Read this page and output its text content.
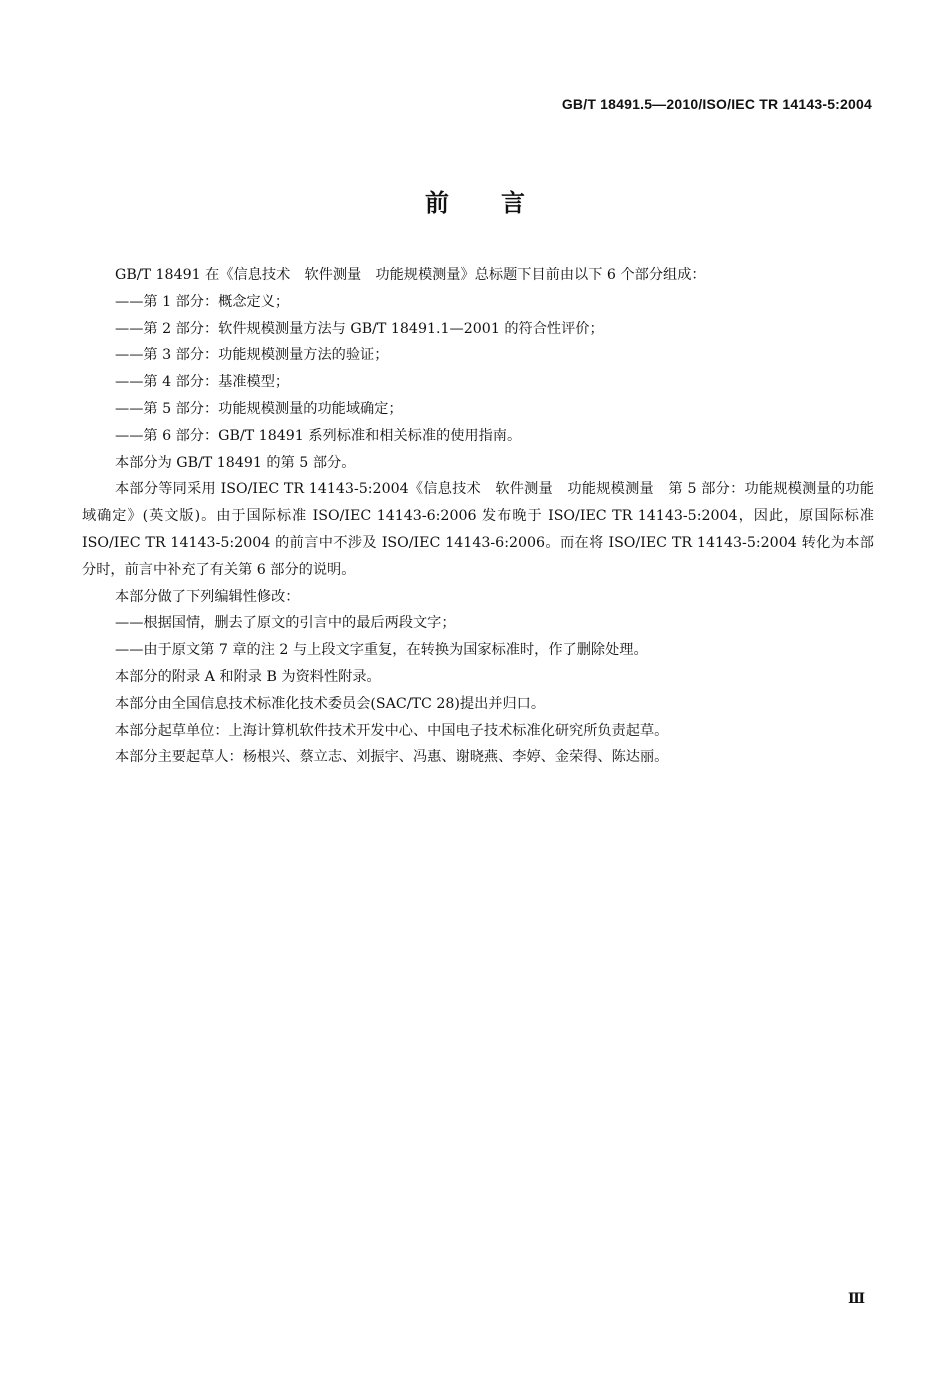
GB/T 18491.5—2010/ISO/IEC TR 14143-5:2004
前言

GB/T 18491 在《信息技术　软件测量　功能规模测量》总标题下目前由以下 6 个部分组成：

——第 1 部分：概念定义；

——第 2 部分：软件规模测量方法与 GB/T 18491.1—2001 的符合性评价；

——第 3 部分：功能规模测量方法的验证；

——第 4 部分：基准模型；

——第 5 部分：功能规模测量的功能域确定；

——第 6 部分：GB/T 18491 系列标准和相关标准的使用指南。

本部分为 GB/T 18491 的第 5 部分。

本部分等同采用 ISO/IEC TR 14143-5:2004《信息技术　软件测量　功能规模测量　第 5 部分：功能规模测量的功能域确定》(英文版)。由于国际标准 ISO/IEC 14143-6:2006 发布晚于 ISO/IEC TR 14143-5:2004，因此，原国际标准 ISO/IEC TR 14143-5:2004 的前言中不涉及 ISO/IEC 14143-6:2006。而在将 ISO/IEC TR 14143-5:2004 转化为本部分时，前言中补充了有关第 6 部分的说明。

本部分做了下列编辑性修改：

——根据国情，删去了原文的引言中的最后两段文字；

——由于原文第 7 章的注 2 与上段文字重复，在转换为国家标准时，作了删除处理。

本部分的附录 A 和附录 B 为资料性附录。

本部分由全国信息技术标准化技术委员会(SAC/TC 28)提出并归口。

本部分起草单位：上海计算机软件技术开发中心、中国电子技术标准化研究所负责起草。

本部分主要起草人：杨根兴、蔡立志、刘振宇、冯惠、谢晓燕、李婷、金荣得、陈达丽。

Ⅲ
